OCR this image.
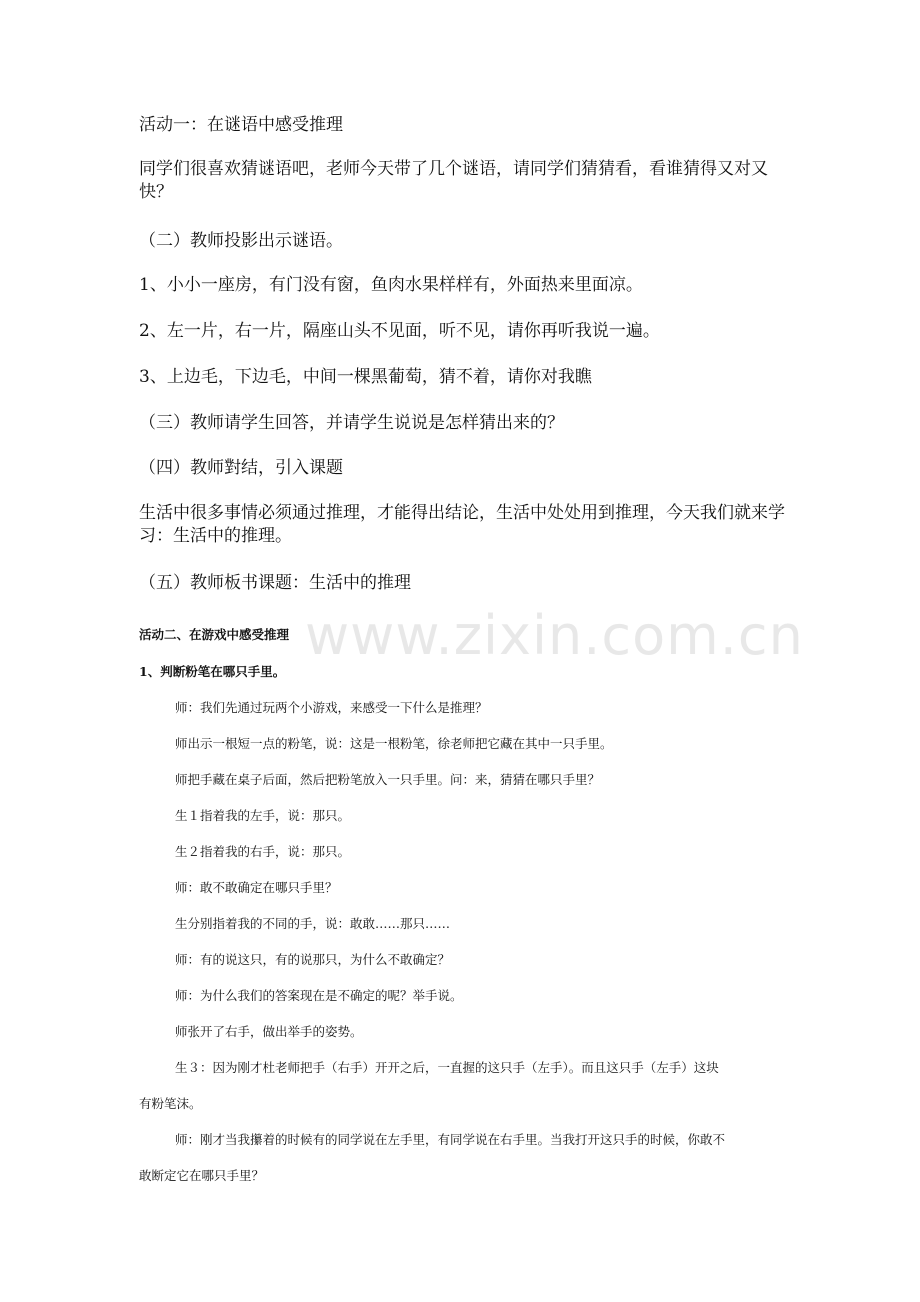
活动一：在谜语中感受推理

同学们很喜欢猜谜语吧，老师今天带了几个谜语，请同学们猜猜看，看谁猜得又对又快？

（二）教师投影出示谜语。

1、小小一座房，有门没有窗，鱼肉水果样样有，外面热来里面凉。

2、左一片，右一片，隔座山头不见面，听不见，请你再听我说一遍。

3、上边毛，下边毛，中间一棵黑葡萄，猜不着，请你对我瞧

（三）教师请学生回答，并请学生说说是怎样猜出来的？

（四）教师對结，引入课题

生活中很多事情必须通过推理，才能得出结论，生活中处处用到推理，今天我们就来学习：生活中的推理。

（五）教师板书课题：生活中的推理

www.zixin.com.cn

活动二、在游戏中感受推理

1、判断粉笔在哪只手里。

师：我们先通过玩两个小游戏，来感受一下什么是推理？

师出示一根短一点的粉笔，说：这是一根粉笔，徐老师把它藏在其中一只手里。

师把手藏在桌子后面，然后把粉笔放入一只手里。问：来，猜猜在哪只手里？

生１指着我的左手，说：那只。

生２指着我的右手，说：那只。

师：敢不敢确定在哪只手里？

生分别指着我的不同的手，说：敢敢……那只……

师：有的说这只，有的说那只，为什么不敢确定？

师：为什么我们的答案现在是不确定的呢？举手说。

师张开了右手，做出举手的姿势。

生３：因为刚才杜老师把手（右手）开开之后，一直握的这只手（左手）。而且这只手（左手）这块

有粉笔沫。

师：刚才当我攥着的时候有的同学说在左手里，有同学说在右手里。当我打开这只手的时候，你敢不

敢断定它在哪只手里？
